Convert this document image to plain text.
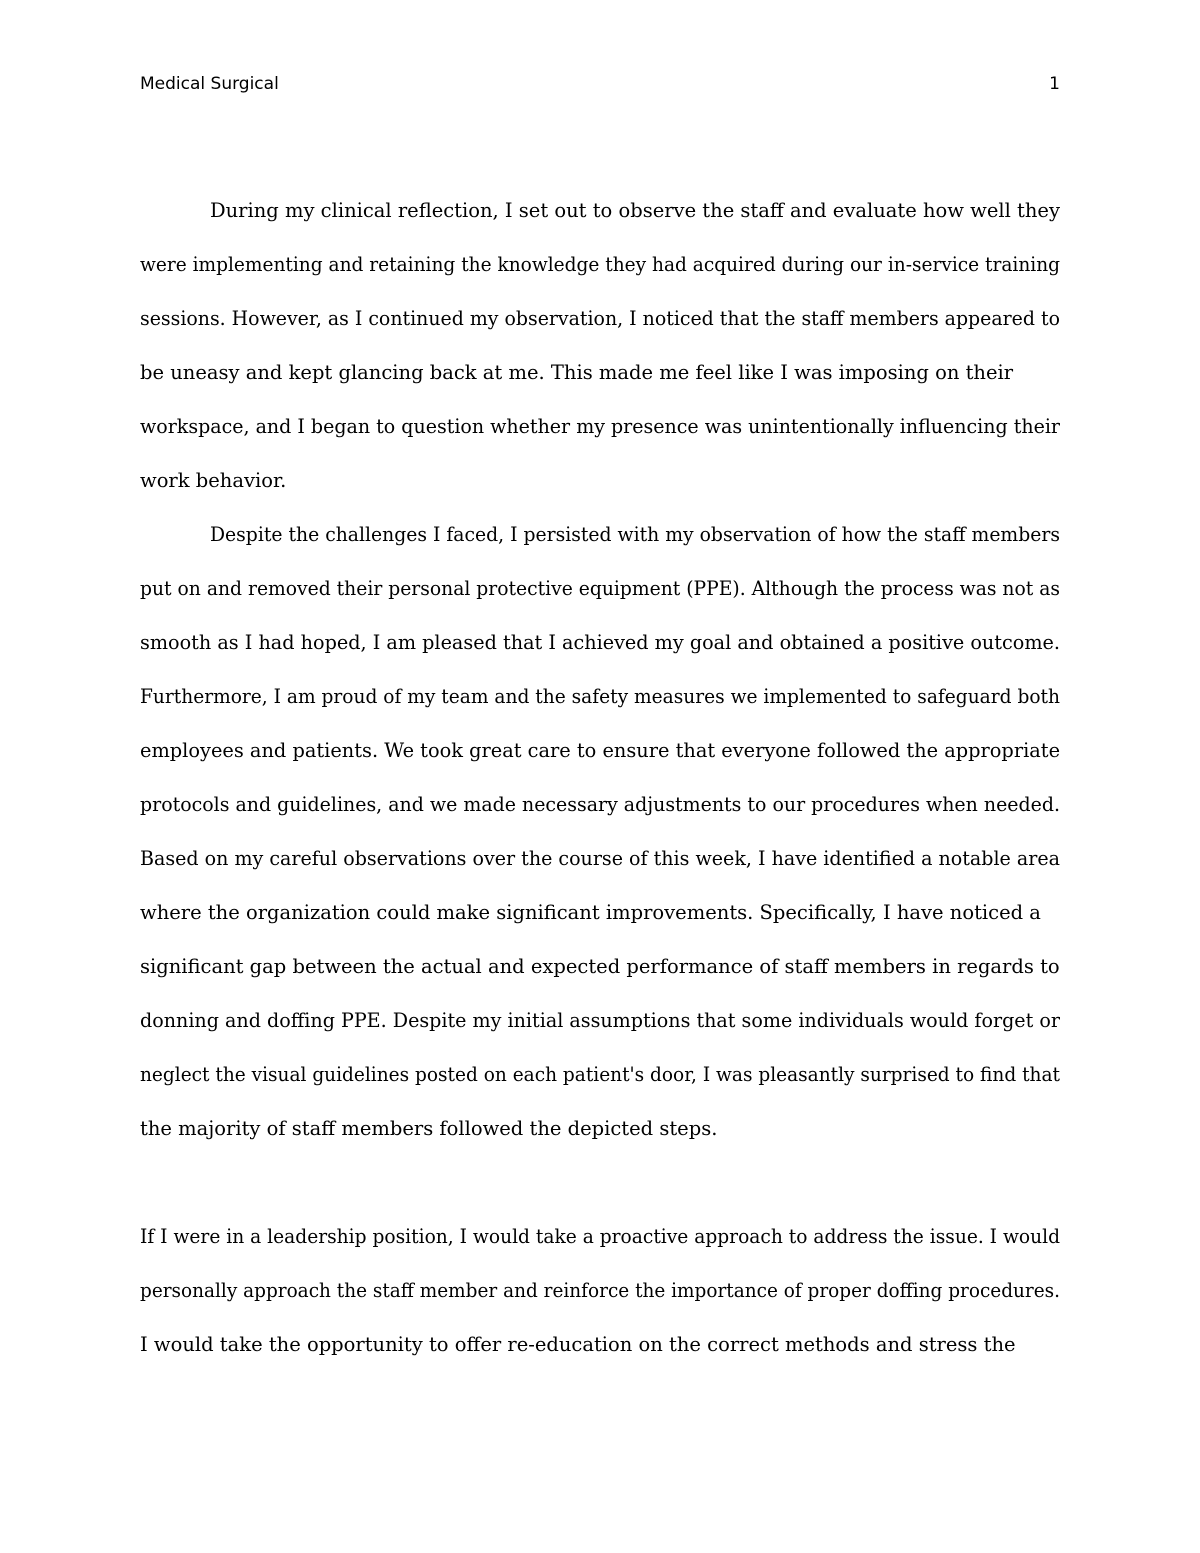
Medical Surgical	1
During my clinical reflection, I set out to observe the staff and evaluate how well they
were implementing and retaining the knowledge they had acquired during our in-service training
sessions. However, as I continued my observation, I noticed that the staff members appeared to
be uneasy and kept glancing back at me. This made me feel like I was imposing on their
workspace, and I began to question whether my presence was unintentionally influencing their
work behavior.
Despite the challenges I faced, I persisted with my observation of how the staff members
put on and removed their personal protective equipment (PPE). Although the process was not as
smooth as I had hoped, I am pleased that I achieved my goal and obtained a positive outcome.
Furthermore, I am proud of my team and the safety measures we implemented to safeguard both
employees and patients. We took great care to ensure that everyone followed the appropriate
protocols and guidelines, and we made necessary adjustments to our procedures when needed.
Based on my careful observations over the course of this week, I have identified a notable area
where the organization could make significant improvements. Specifically, I have noticed a
significant gap between the actual and expected performance of staff members in regards to
donning and doffing PPE. Despite my initial assumptions that some individuals would forget or
neglect the visual guidelines posted on each patient's door, I was pleasantly surprised to find that
the majority of staff members followed the depicted steps.
If I were in a leadership position, I would take a proactive approach to address the issue. I would
personally approach the staff member and reinforce the importance of proper doffing procedures.
I would take the opportunity to offer re-education on the correct methods and stress the
